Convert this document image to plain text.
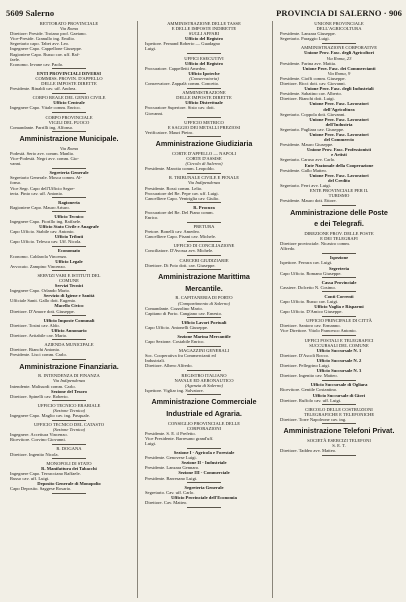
5609 Salerno	PROVINCIA DI SALERNO · 906
RETTORATO PROVINCIALE
Via Roma
Direttore: Preside. Troiano prof. Gaetano.
Vice-Preside. Granullo ing. Emilio.
Segretario capo. Tabet avv. Leo.
Ingegnere Capo. Cappellone Giuseppe.
Ragioniere Capo. Russo cav. uff. Raf-
faele.
Economo. Ievane cav. Paolo.
ENTI PROVINCIALI DIVERSI
COMMISS. PROVIN. D'APPELLO
DELLE IMPOSTE DIRETTE
Presidente. Rinaldi cav. uff. Andrea.
CORPO REALE DEL GENIO CIVILE
Ufficio Centrale
Ingegnere Capo. Vitale comm. Enrico.
CORPO PROVINCIALE
VIGILI DEL FUOCO
Comandante. Parrilli ing. Alfonso.
Amministrazione Municipale.
Via Roma
Podestà. Serio avv. comm. Manlio.
Vice-Podestà. Negri avv. comm. Gio-
vanni.
Segreteria Generale
Segretario Generale. Mosca comm. Al-
fonso.
Vice Segr. Capo dell'Ufficio Segre-
teria. Pinto cav. uff. Antonio.
Ragioneria
Ragioniere Capo. Mauro Arturo.
Ufficio Tecnico
Ingegnere Capo. Fiorillo ing. Raffaele.
Ufficio Stato Civile e Anagrafe
Capo Ufficio. Stabile cav. Antonio.
Ufficio Tributi
Capo Ufficio. Telesca cav. Uff. Nicola.
Economato
Economo. Caldarola Vincenzo.
Ufficio Legale
Avvocato. Zampino Vincenzo.
SERVIZI VARI E ISTITUTI DEL
COMUNE
Servizi Tecnici
Ingegnere Capo. Orlando Mario.
Servizio di Igiene e Sanità
Ufficiale Sanit. Gallo dott. Eugenio.
Macello Civico
Direttore. D'Amore dott. Giuseppe.
Ufficio Imposte Comunali
Direttore. Tosini cav. Aldo.
Ufficio Annonario
Direttore. Avitabile cav. Mario.
AZIENDA MUNICIPALE
Direttore. Bianchi Antonio.
Presidente. Lisci comm. Carlo.
Amministrazione Finanziaria.
R. INTENDENZA DI FINANZA
Via Indipendenza
Intendente. Malisurdi comm. Carlo.
Sezione del Tesoro
Direttore. Spinelli cav. Roberto.
UFFICIO TECNICO ERARIALE
(Sezione Tecnica)
Ingegnere Capo. Maglio cav. ing. Pasquale.
UFFICIO TECNICO DEL CATASTO
(Sezione Tecnica)
Ingegnere. Accettura Vincenzo.
Ricevitore. Corvino Giovanni.
R. DOGANA
Direttore. Ingenito Nicola.
MONOPOLI DI STATO
R. Manifattura dei Tabacchi
Ingegnere Capo. Terracciano Raffaele.
Russo cav. uff. Luigi.
Deposito Generale di Monopolio
Capo Deposito. Saggese Rosario.
AMMINISTRAZIONE DELLE TASSE
E DELLE IMPOSTE INDIRETTE
SUGLI AFFARI
Ufficio del Registro
Ispettore. Fernand Roberto — Guadagno
Luigi.
UFFICI ESECUTIVI
Ufficio del Registro
Procuratore. Cappelletti Amedeo.
Ufficio Ipoteche
(Conservatoria)
Conservatore. Zappalà comm. Concetto.
AMMINISTRAZIONE
DELLE IMPOSTE DIRETTE
Ufficio Distrettuale
Procuratore Superiore. Sisto cav. dott.
Giovanni.
UFFICIO METRICO
E SAGGIO DEI METALLI PREZIOSI
Verificatore. Mauri Pietro.
Amministrazione Giudiziaria
CORTE D'APPELLO — NAPOLI
CORTE D'ASSISE
(Circolo di Salerno)
Presidente. Marotta comm. Leopoldo.
R. TRIBUNALE CIVILE E PENALE
Via Indipendenza
Presidente. Rossi comm. Lelio.
Procuratore del Re. Pepe cav. uff. Luigi.
Cancelliere Capo. Ventriglia cav. Giulio.
R. Procura
Procuratore del Re. Del Piano comm.
Enrico.
PRETURA
Pretore. Bonelli cav. Amedeo.
Cancelliere Capo. Pisani cav. Michele.
UFFICIO DI CONCILIAZIONE
Conciliatore. D'Avossa avv. Michele.
CARCERI GIUDIZIARIE
Direttore. Di Poto dott. cav. Giuseppe.
Amministrazione Marittima
Mercantile.
R. CAPITANERIA DI PORTO
(Compartimento di Salerno)
Comandante. Cozzolino Mario.
Capitano di Porto. Cangiano cav. Ernesto.
Ufficio Lavori Portuali
Capo Ufficio. Antonelli Giuseppe.
Sezione Marina Mercantile
Capo Sezione. Costabile Enrico.
MAGAZZINI GENERALI
Soc. Cooperativa fra Commercianti ed
Industriali.
Direttore. Albero Alfredo.
REGISTRO ITALIANO
NAVALE ED AERONAUTICO
(Agenzia di Salerno)
Ispettore. Vigliar ing. Salvatore.
Amministrazione Commerciale
Industriale ed Agraria.
CONSIGLIO PROVINCIALE DELLE
CORPORAZIONI
Presidente. S. E. il Prefetto.
Vice Presidente. Barresano grand'uff.
Luigi.
Sezione I - Agricola e Forestale
Presidente. Genovese Luigi.
Sezione II - Industriale
Presidente. Lanzara Gennaro.
Sezione III - Commerciale
Presidente. Barresano Luigi.
Segreteria Generale
Segretario. Cav. uff. Carlo.
Ufficio Provinciale dell'Economia
Direttore. Cav. Matteo.
UNIONE PROVINCIALE
DELL'AGRICOLTURA
Presidente. Lanzara Giuseppe.
Segretario. Paraggio Luigi.
AMMINISTRAZIONE CORPORATIVE
Unione Prov. Fasc. degli Agricoltori
Via Roma, 23
Presidente. Farina avv. Mattia.
Unione Prov. Fasc. dei Commercianti
Via Roma, 9
Presidente. Cioffi comm. Giuseppe.
Direttore. Ricci dott. cav. Giovanni.
Unione Prov. Fasc. degli Industriali
Presidente. Sabatino cav. Alberto.
Direttore. Bianchi dott. Luigi.
Unione Prov. Fasc. Lavoratori
dell'Agricoltura
Segretario. Coppola dott. Giovanni.
Unione Prov. Fasc. Lavoratori
dell'Industria
Segretario. Pagliara cav. Giuseppe.
Unione Prov. Fasc. Lavoratori
del Commercio
Presidente. Mauro Giuseppe.
Unione Prov. Fasc. Professionisti
e Artisti
Segretario. Caruso avv. Carlo.
Ente Nazionale della Cooperazione
Presidente. Gallo Matteo.
Unione Prov. Fasc. Lavoratori
del Credito
Segretario. Ferri avv. Luigi.
ENTE PROVINCIALE PER IL
TURISMO
Presidente. Mauro dott. Ettore.
Amministrazione delle Poste
e dei Telegrafi.
DIREZIONE PROV. DELLE POSTE
E DEI TELEGRAFI
Direttore provinciale. Nicastro comm.
Alfredo.
Ispezione
Ispettore. Ferrara cav. Luigi.
Segreteria
Capo Ufficio. Romano Giuseppe.
Cassa Provinciale
Cassiere. Dolcetto N. Cosimo.
Conti Correnti
Capo Ufficio. Russo cav. Luigi.
Ufficio Vaglia e Risparmi
Capo Ufficio. D'Amico Giuseppe.
UFFICIO PRINCIPALE DI CITTÀ
Direttore. Santoro cav. Ermanno.
Vice Direttore. Vitolo Francesco Antonio.
UFFICI POSTALI E TELEGRAFICI
SUCCURSALI DEL COMUNE
Ufficio Succursale N. 1
Direttore. D'Ascoli Rocco.
Ufficio Succursale N. 2
Direttore. Pellegrino Luigi.
Ufficio Succursale N. 3
Direttore. Ingenito cav. Matteo.
Ufficio Succursale di Ogliara
Ricevitore. Gentile Costantino.
Ufficio Succursale di Giovi
Direttore. Ruffolo cav. uff. Luigi.
CIRCOLO DELLE COSTRUZIONI
TELEGRAFICHE E TELEFONICHE
Direttore. Torre Napoleone cav. ing.
Amministrazione Telefoni Privat.
SOCIETÀ ESERCIZI TELEFONI
S. E. T.
Direttore. Taddeo avv. Matteo.
